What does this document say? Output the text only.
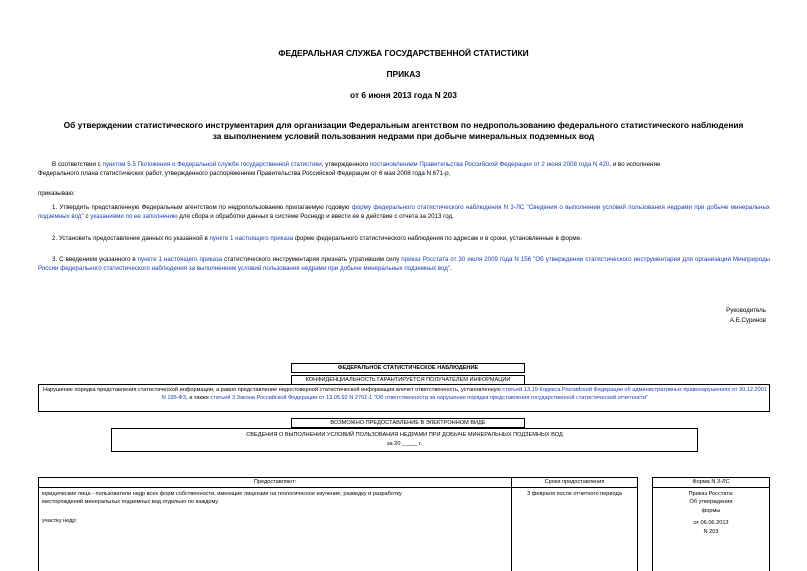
ФЕДЕРАЛЬНАЯ СЛУЖБА ГОСУДАРСТВЕННОЙ СТАТИСТИКИ
ПРИКАЗ
от 6 июня 2013 года N 203
Об утверждении статистического инструментария для организации Федеральным агентством по недропользованию федерального статистического наблюдения
за выполнением условий пользования недрами при добыче минеральных подземных вод
В соответствии с пунктом 5.5 Положения о Федеральной службе государственной статистики, утвержденного постановлением Правительства Российской Федерации от 2 июня 2008 года N 420, и во исполнение
Федерального плана статистических работ, утвержденного распоряжением Правительства Российской Федерации от 6 мая 2008 года N 671-р,
приказываю:
1. Утвердить представленную Федеральным агентством по недропользованию прилагаемую годовую форму федерального статистического наблюдения N 3-ЛС "Сведения о выполнении условий пользования недрами при добыче минеральных подземных вод" с указаниями по ее заполнению для сбора и обработки данных в системе Роснедр и ввести ее в действие с отчета за 2013 год.
2. Установить предоставление данных по указанной в пункте 1 настоящего приказа форме федерального статистического наблюдения по адресам и в сроки, установленные в форме.
3. С введением указанного в пункте 1 настоящего приказа статистического инструментария признать утратившим силу приказ Росстата от 30 июля 2009 года N 156 "Об утверждении статистического инструментария для организации Минприроды России федерального статистического наблюдения за выполнением условий пользования недрами при добыче минеральных подземных вод".
Руководитель
А.Е.Суринов
ФЕДЕРАЛЬНОЕ СТАТИСТИЧЕСКОЕ НАБЛЮДЕНИЕ
КОНФИДЕНЦИАЛЬНОСТЬ ГАРАНТИРУЕТСЯ ПОЛУЧАТЕЛЕМ ИНФОРМАЦИИ
Нарушение порядка представления статистической информации, а равно представление недостоверной статистической информации влечет ответственность, установленную статьей 13.19 Кодекса Российской Федерации об административных правонарушениях от 30.12.2001 N 195-ФЗ, а также статьей 3 Закона Российской Федерации от 13.05.92 N 2761-1 "Об ответственности за нарушение порядка представления государственной статистической отчетности"
ВОЗМОЖНО ПРЕДОСТАВЛЕНИЕ В ЭЛЕКТРОННОМ ВИДЕ
СВЕДЕНИЯ О ВЫПОЛНЕНИИ УСЛОВИЙ ПОЛЬЗОВАНИЯ НЕДРАМИ ПРИ ДОБЫЧЕ МИНЕРАЛЬНЫХ ПОДЗЕМНЫХ ВОД
за 20 _____ г.
Предоставляют:
юридические лица - пользователи недр всех форм собственности, имеющие лицензии на геологическое изучение, разведку и разработку
месторождений минеральных подземных вод отдельно по каждому
участку недр:
Сроки предоставления
3 февраля после отчетного периода
Форма N 3-ЛС
Приказ Росстата:
Об утверждении
формы
от 06.06.2013
N 203
